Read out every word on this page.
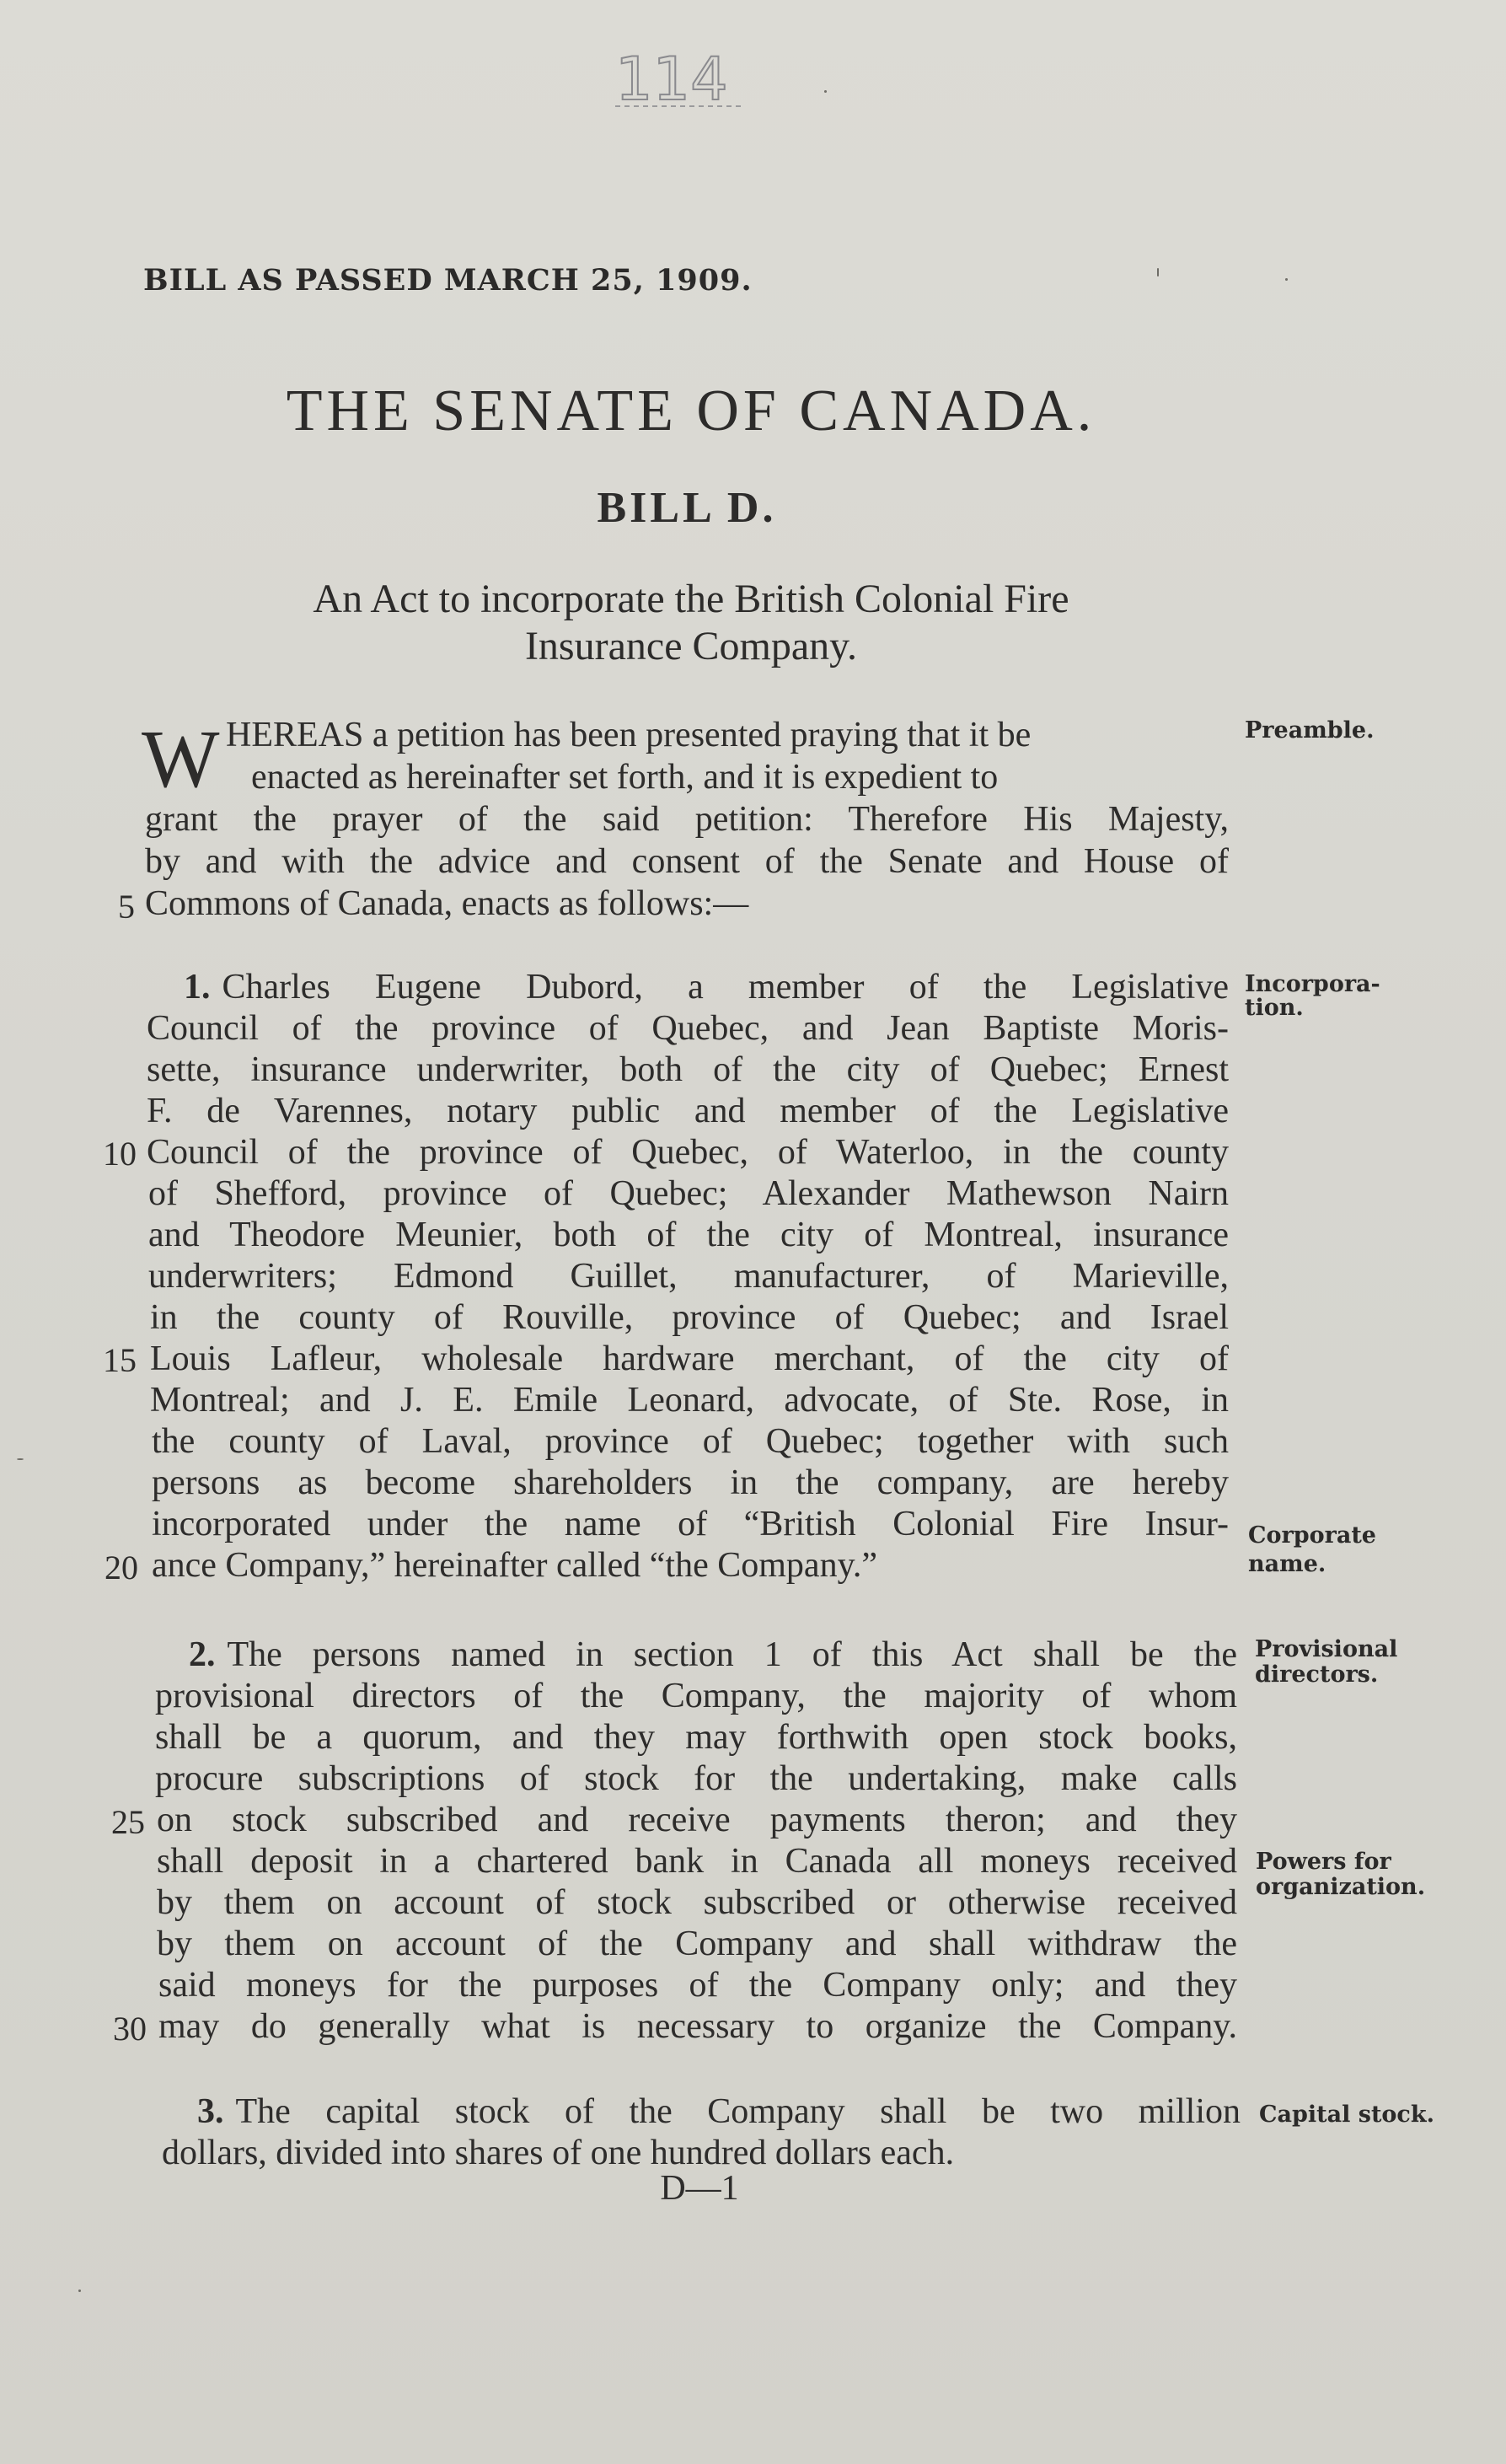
114
BILL AS PASSED MARCH 25, 1909.
THE SENATE OF CANADA.
BILL D.
An Act to incorporate the British Colonial Fire
Insurance Company.
W HEREAS a petition has been presented praying that it be
enacted as hereinafter set forth, and it is expedient to
grant the prayer of the said petition: Therefore His Majesty,
by and with the advice and consent of the Senate and House of
Commons of Canada, enacts as follows:—
5
Preamble.
1. Charles Eugene Dubord, a member of the Legislative
Council of the province of Quebec, and Jean Baptiste Moris-
sette, insurance underwriter, both of the city of Quebec; Ernest
F. de Varennes, notary public and member of the Legislative
Council of the province of Quebec, of Waterloo, in the county
of Shefford, province of Quebec; Alexander Mathewson Nairn
and Theodore Meunier, both of the city of Montreal, insurance
underwriters; Edmond Guillet, manufacturer, of Marieville,
in the county of Rouville, province of Quebec; and Israel
Louis Lafleur, wholesale hardware merchant, of the city of
Montreal; and J. E. Emile Leonard, advocate, of Ste. Rose, in
the county of Laval, province of Quebec; together with such
persons as become shareholders in the company, are hereby
incorporated under the name of “British Colonial Fire Insur-
ance Company,” hereinafter called “the Company.”
10
15
20
Incorpora-
tion.
Corporate
name.
2. The persons named in section 1 of this Act shall be the
provisional directors of the Company, the majority of whom
shall be a quorum, and they may forthwith open stock books,
procure subscriptions of stock for the undertaking, make calls
on stock subscribed and receive payments theron; and they
shall deposit in a chartered bank in Canada all moneys received
by them on account of stock subscribed or otherwise received
by them on account of the Company and shall withdraw the
said moneys for the purposes of the Company only; and they
may do generally what is necessary to organize the Company.
25
30
Provisional
directors.
Powers for
organization.
3. The capital stock of the Company shall be two million
dollars, divided into shares of one hundred dollars each.
Capital stock.
D—1
